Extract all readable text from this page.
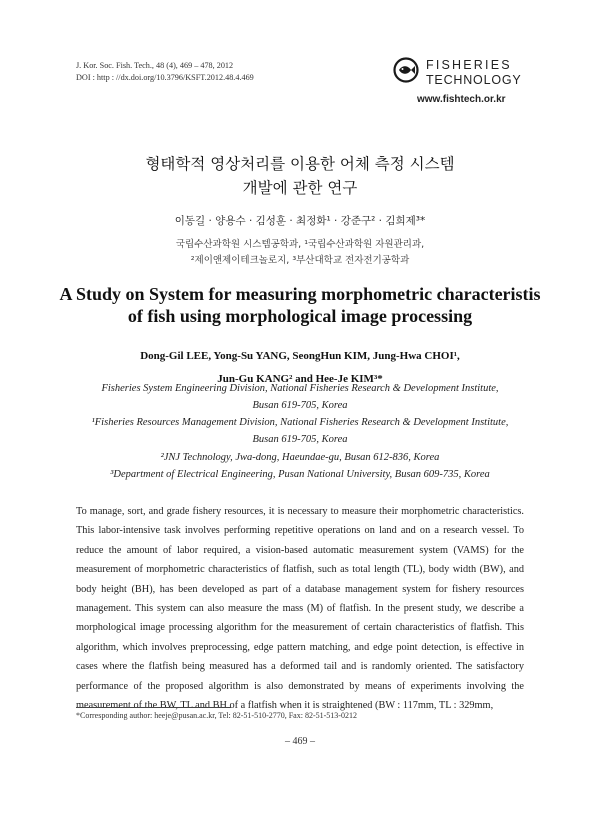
J. Kor. Soc. Fish. Tech., 48 (4), 469 – 478, 2012
DOI : http : //dx.doi.org/10.3796/KSFT.2012.48.4.469
FISHERIES
TECHNOLOGY
www.fishtech.or.kr
형태학적 영상처리를 이용한 어체 측정 시스템
개발에 관한 연구
이동길 · 양용수 · 김성훈 · 최정화¹ · 강준구² · 김희제³*
국립수산과학원 시스템공학과, ¹국립수산과학원 자원관리과,
²제이앤제이테크놀로지, ³부산대학교 전자전기공학과
A Study on System for measuring morphometric characteristis
of fish using morphological image processing
Dong-Gil LEE, Yong-Su YANG, SeongHun KIM, Jung-Hwa CHOI¹,
Jun-Gu KANG² and Hee-Je KIM³*
Fisheries System Engineering Division, National Fisheries Research & Development Institute,
Busan 619-705, Korea
¹Fisheries Resources Management Division, National Fisheries Research & Development Institute,
Busan 619-705, Korea
²JNJ Technology, Jwa-dong, Haeundae-gu, Busan 612-836, Korea
³Department of Electrical Engineering, Pusan National University, Busan 609-735, Korea
To manage, sort, and grade fishery resources, it is necessary to measure their morphometric characteristics. This labor-intensive task involves performing repetitive operations on land and on a research vessel. To reduce the amount of labor required, a vision-based automatic measurement system (VAMS) for the measurement of morphometric characteristics of flatfish, such as total length (TL), body width (BW), and body height (BH), has been developed as part of a database management system for fishery resources management. This system can also measure the mass (M) of flatfish. In the present study, we describe a morphological image processing algorithm for the measurement of certain characteristics of flatfish. This algorithm, which involves preprocessing, edge pattern matching, and edge point detection, is effective in cases where the flatfish being measured has a deformed tail and is randomly oriented. The satisfactory performance of the proposed algorithm is also demonstrated by means of experiments involving the measurement of the BW, TL and BH of a flatfish when it is straightened (BW : 117mm, TL : 329mm,
*Corresponding author: heeje@pusan.ac.kr, Tel: 82-51-510-2770, Fax: 82-51-513-0212
– 469 –
